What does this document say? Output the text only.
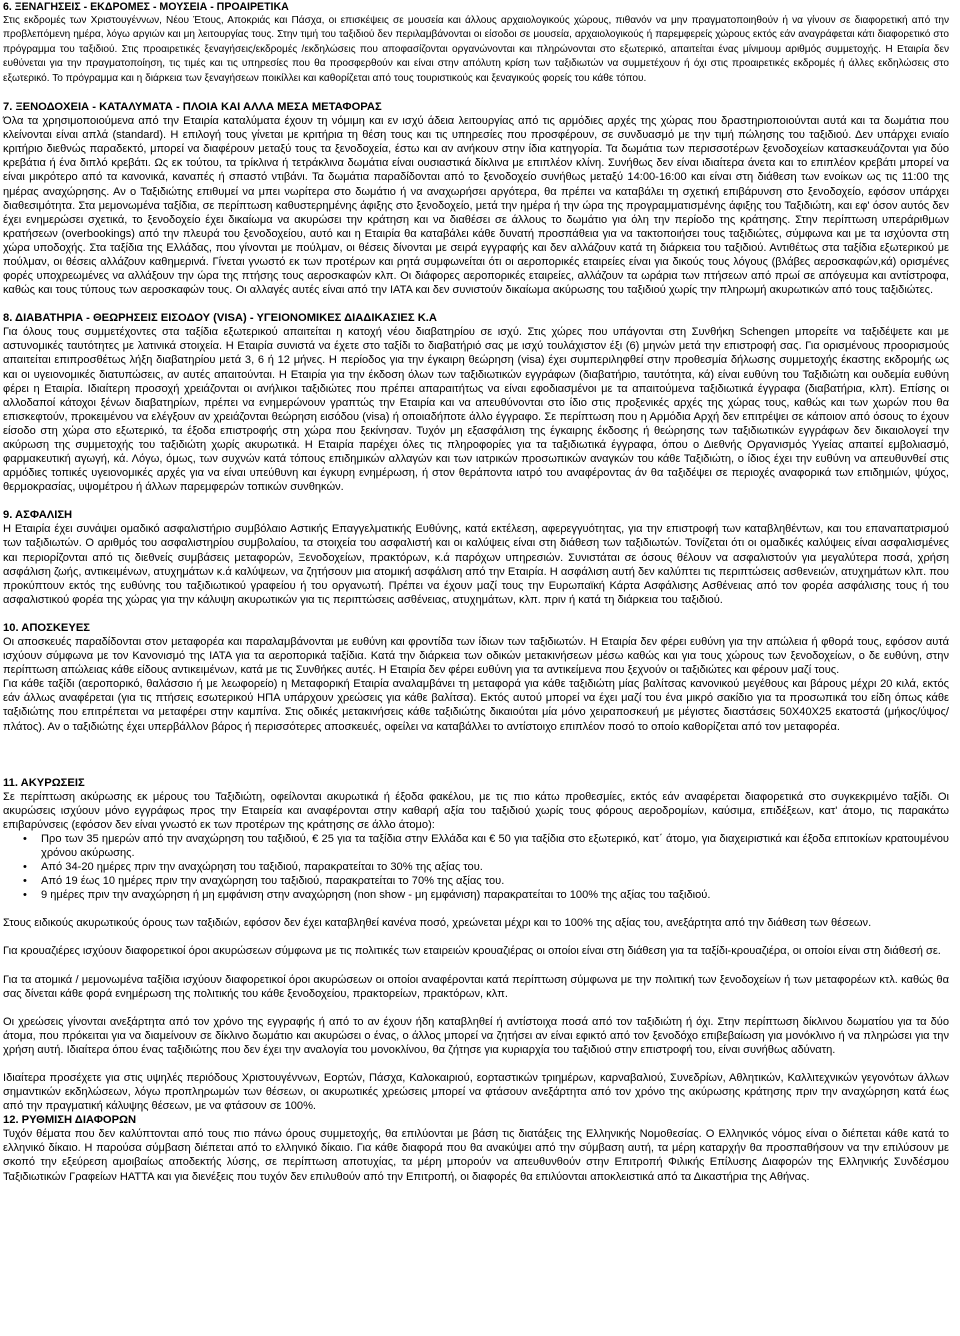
6. ΞΕΝΑΓΗΣΕΙΣ - ΕΚΔΡΟΜΕΣ - ΜΟΥΣΕΙΑ - ΠΡΟΑΙΡΕΤΙΚΑ

Στις εκδρομές των Χριστουγέννων, Νέου Έτους, Αποκριάς και Πάσχα, οι επισκέψεις σε μουσεία και άλλους αρχαιολογικούς χώρους, πιθανόν να μην πραγματοποιηθούν ή να γίνουν σε διαφορετική από την προβλεπόμενη ημέρα, λόγω αργιών και μη λειτουργίας τους. Στην τιμή του ταξιδιού δεν περιλαμβάνονται οι είσοδοι σε μουσεία, αρχαιολογικούς ή παρεμφερείς χώρους εκτός εάν αναγράφεται κάτι διαφορετικό στο πρόγραμμα του ταξιδιού. Στις προαιρετικές ξεναγήσεις/εκδρομές /εκδηλώσεις που αποφασίζονται οργανώνονται και πληρώνονται στο εξωτερικό, απαιτείται ένας μίνιμουμ αριθμός συμμετοχής. Η Εταιρία δεν ευθύνεται για την πραγματοποίηση, τις τιμές και τις υπηρεσίες που θα προσφερθούν και είναι στην απόλυτη κρίση των ταξιδιωτών να συμμετέχουν ή όχι στις προαιρετικές εκδρομές ή άλλες εκδηλώσεις στο εξωτερικό. Το πρόγραμμα και η διάρκεια των ξεναγήσεων ποικίλλει και καθορίζεται από τους τουριστικούς και ξεναγικούς φορείς του κάθε τόπου.

7. ΞΕΝΟΔΟΧΕΙΑ - ΚΑΤΑΛΥΜΑΤΑ - ΠΛΟΙΑ ΚΑΙ ΑΛΛΑ ΜΕΣΑ ΜΕΤΑΦΟΡΑΣ

Όλα τα χρησιμοποιούμενα από την Εταιρία καταλύματα έχουν τη νόμιμη και εν ισχύ άδεια λειτουργίας από τις αρμόδιες αρχές της χώρας που δραστηριοποιούνται αυτά και τα δωμάτια που κλείνονται είναι απλά (standard). Η επιλογή τους γίνεται με κριτήρια τη θέση τους και τις υπηρεσίες που προσφέρουν, σε συνδυασμό με την τιμή πώλησης του ταξιδιού. Δεν υπάρχει ενιαίο κριτήριο διεθνώς παραδεκτό, μπορεί να διαφέρουν μεταξύ τους τα ξενοδοχεία, έστω και αν ανήκουν στην ίδια κατηγορία. Τα δωμάτια των περισσοτέρων ξενοδοχείων κατασκευάζονται για δύο κρεβάτια ή ένα διπλό κρεβάτι. Ως εκ τούτου, τα τρίκλινα ή τετράκλινα δωμάτια είναι ουσιαστικά δίκλινα με επιπλέον κλίνη. Συνήθως δεν είναι ιδιαίτερα άνετα και το επιπλέον κρεβάτι μπορεί να είναι μικρότερο από τα κανονικά, καναπές ή σπαστό ντιβάνι. Τα δωμάτια παραδίδονται από το ξενοδοχείο συνήθως μεταξύ 14:00-16:00 και είναι στη διάθεση των ενοίκων ως τις 11:00 της ημέρας αναχώρησης. Αν ο Ταξιδιώτης επιθυμεί να μπει νωρίτερα στο δωμάτιο ή να αναχωρήσει αργότερα, θα πρέπει να καταβάλει τη σχετική επιβάρυνση στο ξενοδοχείο, εφόσον υπάρχει διαθεσιμότητα. Στα μεμονωμένα ταξίδια, σε περίπτωση καθυστερημένης άφιξης στο ξενοδοχείο, μετά την ημέρα ή την ώρα της προγραμματισμένης άφιξης του Ταξιδιώτη, και εφ' όσον αυτός δεν έχει ενημερώσει σχετικά, το ξενοδοχείο έχει δικαίωμα να ακυρώσει την κράτηση και να διαθέσει σε άλλους το δωμάτιο για όλη την περίοδο της κράτησης. Στην περίπτωση υπεράριθμων κρατήσεων (overbookings) από την πλευρά του ξενοδοχείου, αυτό και η Εταιρία θα καταβάλει κάθε δυνατή προσπάθεια για να τακτοποιήσει τους ταξιδιώτες, σύμφωνα και με τα ισχύοντα στη χώρα υποδοχής. Στα ταξίδια της Ελλάδας, που γίνονται με πούλμαν, οι θέσεις δίνονται με σειρά εγγραφής και δεν αλλάζουν κατά τη διάρκεια του ταξιδιού. Αντιθέτως στα ταξίδια εξωτερικού με πούλμαν, οι θέσεις αλλάζουν καθημερινά. Γίνεται γνωστό εκ των προτέρων και ρητά συμφωνείται ότι οι αεροπορικές εταιρείες είναι για δικούς τους λόγους (βλάβες αεροσκαφών,κά) ορισμένες φορές υποχρεωμένες να αλλάξουν την ώρα της πτήσης τους αεροσκαφών κλπ. Οι διάφορες αεροπορικές εταιρείες, αλλάζουν τα ωράρια των πτήσεων από πρωί σε απόγευμα και αντίστροφα, καθώς και τους τύπους των αεροσκαφών τους. Οι αλλαγές αυτές είναι από την ΙΑΤΑ και δεν συνιστούν δικαίωμα ακύρωσης του ταξιδιού χωρίς την πληρωμή ακυρωτικών από τους ταξιδιώτες.

8. ΔΙΑΒΑΤΗΡΙΑ - ΘΕΩΡΗΣΕΙΣ ΕΙΣΟΔΟΥ (VISA) - ΥΓΕΙΟΝΟΜΙΚΕΣ ΔΙΑΔΙΚΑΣΙΕΣ Κ.Α

Για όλους τους συμμετέχοντες στα ταξίδια εξωτερικού απαιτείται η κατοχή νέου διαβατηρίου σε ισχύ. Στις χώρες που υπάγονται στη Συνθήκη Schengen μπορείτε να ταξιδέψετε και με αστυνομικές ταυτότητες με λατινικά στοιχεία. Η Εταιρία συνιστά να έχετε στο ταξίδι το διαβατήριό σας με ισχύ τουλάχιστον έξι (6) μηνών μετά την επιστροφή σας. Για ορισμένους προορισμούς απαιτείται επιπροσθέτως λήξη διαβατηρίου μετά 3, 6 ή 12 μήνες. Η περίοδος για την έγκαιρη θεώρηση (visa) έχει συμπεριληφθεί στην προθεσμία δήλωσης συμμετοχής έκαστης εκδρομής ως και οι υγειονομικές διατυπώσεις, αν αυτές απαιτούνται. Η Εταιρία για την έκδοση όλων των ταξιδιωτικών εγγράφων (διαβατήριο, ταυτότητα, κά) είναι ευθύνη του Ταξιδιώτη και ουδεμία ευθύνη φέρει η Εταιρία. Ιδιαίτερη προσοχή χρειάζονται οι ανήλικοι ταξιδιώτες που πρέπει απαραιτήτως να είναι εφοδιασμένοι με τα απαιτούμενα ταξιδιωτικά έγγραφα (διαβατήρια, κλπ). Επίσης οι αλλοδαποί κάτοχοι ξένων διαβατηρίων, πρέπει να ενημερώνουν γραπτώς την Εταιρία και να απευθύνονται στο ίδιο στις προξενικές αρχές της χώρας τους, καθώς και των χωρών που θα επισκεφτούν, προκειμένου να ελέγξουν αν χρειάζονται θεώρηση εισόδου (visa) ή οποιαδήποτε άλλο έγγραφο. Σε περίπτωση που η Αρμόδια Αρχή δεν επιτρέψει σε κάποιον από όσους το έχουν είσοδο στη χώρα στο εξωτερικό, τα έξοδα επιστροφής στη χώρα που ξεκίνησαν. Τυχόν μη εξασφάλιση της έγκαιρης έκδοσης ή θεώρησης των ταξιδιωτικών εγγράφων δεν δικαιολογεί την ακύρωση της συμμετοχής του ταξιδιώτη χωρίς ακυρωτικά. Η Εταιρία παρέχει όλες τις πληροφορίες για τα ταξιδιωτικά έγγραφα, όπου ο Διεθνής Οργανισμός Υγείας απαιτεί εμβολιασμό, φαρμακευτική αγωγή, κά. Λόγω, όμως, των συχνών κατά τόπους επιδημικών αλλαγών και των ιατρικών προσωπικών αναγκών του κάθε Ταξιδιώτη, ο ίδιος έχει την ευθύνη να απευθυνθεί στις αρμόδιες τοπικές υγειονομικές αρχές για να είναι υπεύθυνη και έγκυρη ενημέρωση, ή στον θεράποντα ιατρό του αναφέροντας άν θα ταξιδέψει σε περιοχές αναφορικά των επιδημιών, ψύχος, θερμοκρασίας, υψομέτρου ή άλλων παρεμφερών τοπικών συνθηκών.

9. ΑΣΦΑΛΙΣΗ

Η Εταιρία έχει συνάψει ομαδικό ασφαλιστήριο συμβόλαιο Αστικής Επαγγελματικής Ευθύνης, κατά εκτέλεση, αφερεγγυότητας, για την επιστροφή των καταβληθέντων, και του επαναπατρισμού των ταξιδιωτών. Ο αριθμός του ασφαλιστηρίου συμβολαίου, τα στοιχεία του ασφαλιστή και οι καλύψεις είναι στη διάθεση των ταξιδιωτών. Τονίζεται ότι οι ομαδικές καλύψεις είναι ασφαλισμένες και περιορίζονται από τις διεθνείς συμβάσεις μεταφορών, Ξενοδοχείων, πρακτόρων, κ.ά παρόχων υπηρεσιών. Συνιστάται σε όσους θέλουν να ασφαλιστούν για μεγαλύτερα ποσά, χρήση ασφάλιση ζωής, αντικειμένων, ατυχημάτων κ.ά καλύψεων, να ζητήσουν μια ατομική ασφάλιση από την Εταιρία. Η ασφάλιση αυτή δεν καλύπτει τις περιπτώσεις ασθενειών, ατυχημάτων κλπ. που προκύπτουν εκτός της ευθύνης του ταξιδιωτικού γραφείου ή του οργανωτή. Πρέπει να έχουν μαζί τους την Ευρωπαϊκή Κάρτα Ασφάλισης Ασθένειας από τον φορέα ασφάλισης τους ή του ασφαλιστικού φορέα της χώρας για την κάλυψη ακυρωτικών για τις περιπτώσεις ασθένειας, ατυχημάτων, κλπ. πριν ή κατά τη διάρκεια του ταξιδιού.

10. ΑΠΟΣΚΕΥΕΣ

Οι αποσκευές παραδίδονται στον μεταφορέα και παραλαμβάνονται με ευθύνη και φροντίδα των ίδιων των ταξιδιωτών. Η Εταιρία δεν φέρει ευθύνη για την απώλεια ή φθορά τους, εφόσον αυτά ισχύουν σύμφωνα με τον Κανονισμό της ΙΑΤΑ για τα αεροπορικά ταξίδια. Κατά την διάρκεια των οδικών μετακινήσεων μέσω καθώς και για τους χώρους των ξενοδοχείων, ο δε ευθύνη, στην περίπτωση απώλειας κάθε είδους αντικειμένων, κατά με τις Συνθήκες αυτές. Η Εταιρία δεν φέρει ευθύνη για τα αντικείμενα που ξεχνούν οι ταξιδιώτες και φέρουν μαζί τους.

Για κάθε ταξίδι (αεροπορικό, θαλάσσιο ή με λεωφορείο) η Μεταφορική Εταιρία αναλαμβάνει τη μεταφορά για κάθε ταξιδιώτη μίας βαλίτσας κανονικού μεγέθους και βάρους μέχρι 20 κιλά, εκτός εάν άλλως αναφέρεται (για τις πτήσεις εσωτερικού ΗΠΑ υπάρχουν χρεώσεις για κάθε βαλίτσα). Εκτός αυτού μπορεί να έχει μαζί του ένα μικρό σακίδιο για τα προσωπικά του είδη όπως κάθε ταξιδιώτης που επιτρέπεται να μεταφέρει στην καμπίνα. Στις οδικές μετακινήσεις κάθε ταξιδιώτης δικαιούται μία μόνο χειραποσκευή με μέγιστες διαστάσεις 50Χ40Χ25 εκατοστά (μήκος/ύψος/πλάτος). Αν ο ταξιδιώτης έχει υπερβάλλον βάρος ή περισσότερες αποσκευές, οφείλει να καταβάλλει το αντίστοιχο επιπλέον ποσό το οποίο καθορίζεται από τον μεταφορέα.

11. ΑΚΥΡΩΣΕΙΣ

Σε περίπτωση ακύρωσης εκ μέρους του Ταξιδιώτη, οφείλονται ακυρωτικά ή έξοδα φακέλου, με τις πιο κάτω προθεσμίες, εκτός εάν αναφέρεται διαφορετικά στο συγκεκριμένο ταξίδι. Οι ακυρώσεις ισχύουν μόνο εγγράφως προς την Εταιρεία και αναφέρονται στην καθαρή αξία του ταξιδιού χωρίς τους φόρους αεροδρομίων, καύσιμα, επιδέξεων, κατ' άτομο, τις παρακάτω επιβαρύνσεις (εφόσον δεν είναι γνωστό εκ των προτέρων της κράτησης σε άλλο άτομο):

• Προ των 35 ημερών από την αναχώρηση του ταξιδιού, € 25 για τα ταξίδια στην Ελλάδα και € 50 για ταξίδια στο εξωτερικό, κατ΄ άτομο, για διαχειριστικά και έξοδα επιτοκίων κρατουμένου χρόνου ακύρωσης.
• Από 34-20 ημέρες πριν την αναχώρηση του ταξιδιού, παρακρατείται το 30% της αξίας του.
• Από 19 έως 10 ημέρες πριν την αναχώρηση του ταξιδιού, παρακρατείται το 70% της αξίας του.
• 9 ημέρες πριν την αναχώρηση ή μη εμφάνιση στην αναχώρηση (non show - μη εμφάνιση) παρακρατείται το 100% της αξίας του ταξιδιού.

Στους ειδικούς ακυρωτικούς όρους των ταξιδιών, εφόσον δεν έχει καταβληθεί κανένα ποσό, χρεώνεται μέχρι και το 100% της αξίας του, ανεξάρτητα από την διάθεση των θέσεων.

Για κρουαζιέρες ισχύουν διαφορετικοί όροι ακυρώσεων σύμφωνα με τις πολιτικές των εταιρειών κρουαζιέρας οι οποίοι είναι στη διάθεση για τα ταξίδι-κρουαζιέρα, οι οποίοι είναι στη διάθεσή σε.

Για τα ατομικά / μεμονωμένα ταξίδια ισχύουν διαφορετικοί όροι ακυρώσεων οι οποίοι αναφέρονται κατά περίπτωση σύμφωνα με την πολιτική των ξενοδοχείων ή των μεταφορέων κτλ. καθώς θα σας δίνεται κάθε φορά ενημέρωση της πολιτικής του κάθε ξενοδοχείου, πρακτορείων, πρακτόρων, κλπ.

Οι χρεώσεις γίνονται ανεξάρτητα από τον χρόνο της εγγραφής ή από το αν έχουν ήδη καταβληθεί ή αντίστοιχα ποσά από τον ταξιδιώτη ή όχι. Στην περίπτωση δίκλινου δωματίου για τα δύο άτομα, που πρόκειται για να διαμείνουν σε δίκλινο δωμάτιο και ακυρώσει ο ένας, ο άλλος μπορεί να ζητήσει αν είναι εφικτό από τον ξενοδόχο επιβεβαίωση για μονόκλινο ή να πληρώσει για την χρήση αυτή. Ιδιαίτερα όπου ένας ταξιδιώτης που δεν έχει την αναλογία του μονοκλίνου, θα ζήτησε για κυριαρχία του ταξιδιού στην επιστροφή του, είναι συνήθως αδύνατη.

Ιδιαίτερα προσέχετε για στις υψηλές περιόδους Χριστουγέννων, Εορτών, Πάσχα, Καλοκαιριού, εορταστικών τριημέρων, καρναβαλιού, Συνεδρίων, Αθλητικών, Καλλιτεχνικών γεγονότων άλλων σημαντικών εκδηλώσεων, λόγω προπληρωμών των θέσεων, οι ακυρωτικές χρεώσεις μπορεί να φτάσουν ανεξάρτητα από τον χρόνο της ακύρωσης κράτησης πριν την αναχώρηση κατά έως από την πραγματική κάλυψης θέσεων, με να φτάσουν σε 100%.

12. ΡΥΘΜΙΣΗ ΔΙΑΦΟΡΩΝ

Τυχόν θέματα που δεν καλύπτονται από τους πιο πάνω όρους συμμετοχής, θα επιλύονται με βάση τις διατάξεις της Ελληνικής Νομοθεσίας. Ο Ελληνικός νόμος είναι ο διέπεται κάθε κατά το ελληνικό δίκαιο. Η παρούσα σύμβαση διέπεται από το ελληνικό δίκαιο. Για κάθε διαφορά που θα ανακύψει από την σύμβαση αυτή, τα μέρη καταρχήν θα προσπαθήσουν να την επιλύσουν με σκοπό την εξεύρεση αμοιβαίως αποδεκτής λύσης, σε περίπτωση αποτυχίας, τα μέρη μπορούν να απευθυνθούν στην Επιτροπή Φιλικής Επίλυσης Διαφορών της Ελληνικής Συνδέσμου Ταξιδιωτικών Γραφείων ΗΑΤΤΑ και για διενέξεις που τυχόν δεν επιλυθούν από την Επιτροπή, οι διαφορές θα επιλύονται αποκλειστικά από τα Δικαστήρια της Αθήνας.
